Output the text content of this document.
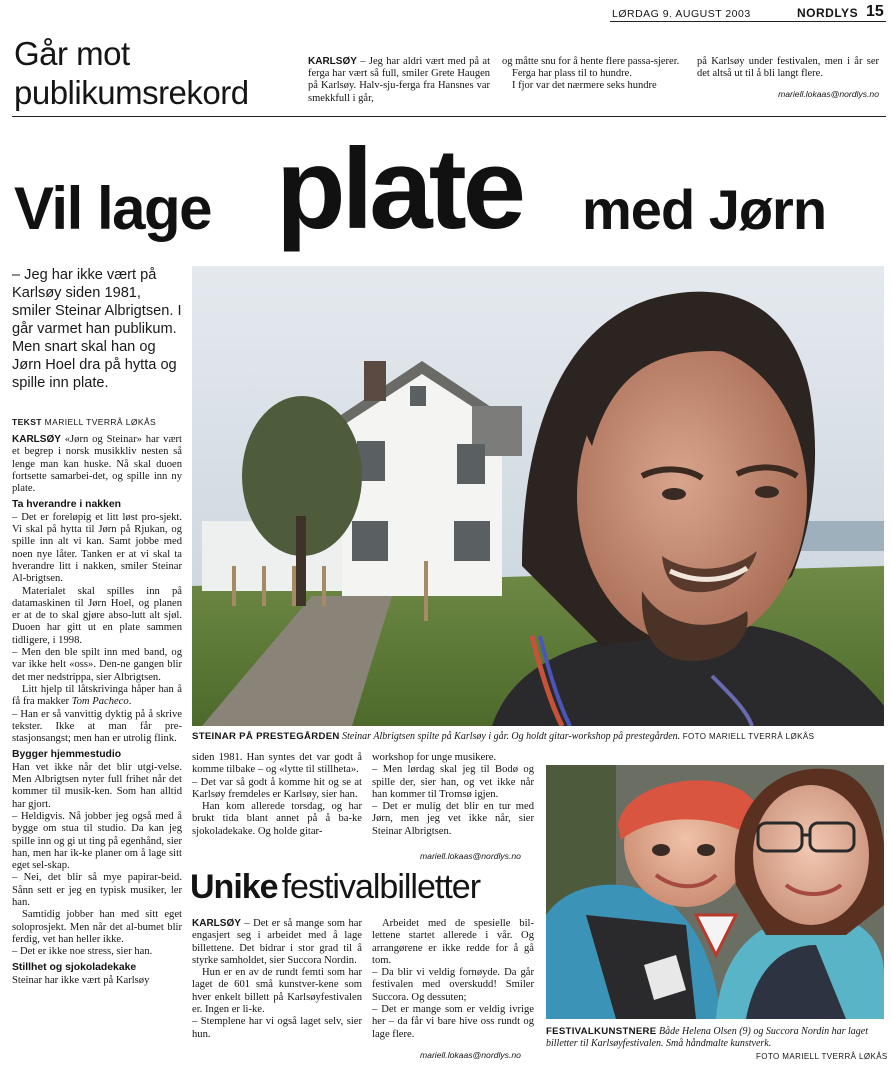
LØRDAG 9. AUGUST 2003	NORDLYS 15
Går mot
publikumsrekord
KARLSØY – Jeg har aldri vært med på at ferga har vært så full, smiler Grete Haugen på Karlsøy. Halv-sju-ferga fra Hansnes var smekkfull i går,
og måtte snu for å hente flere passa-sjerer.
Ferga har plass til to hundre.
I fjor var det nærmere seks hundre
på Karlsøy under festivalen, men i år ser det altså ut til å bli langt flere.
mariell.lokaas@nordlys.no
Vil lage plate med Jørn
– Jeg har ikke vært på Karlsøy siden 1981, smiler Steinar Albrigtsen. I går varmet han publikum. Men snart skal han og Jørn Hoel dra på hytta og spille inn plate.
TEKST MARIELL TVERRÅ LØKÅS

KARLSØY «Jørn og Steinar» har vært et begrep i norsk musikkliv nesten så lenge man kan huske. Nå skal duoen fortsette samarbei-det, og spille inn ny plate.

Ta hverandre i nakken

– Det er foreløpig et litt løst pro-sjekt. Vi skal på hytta til Jørn på Rjukan, og spille inn alt vi kan. Samt jobbe med noen nye låter. Tanken er at vi skal ta hverandre litt i nakken, smiler Steinar Al-brigtsen.

Materialet skal spilles inn på datamaskinen til Jørn Hoel, og planen er at de to skal gjøre abso-lutt alt sjøl. Duoen har gitt ut en plate sammen tidligere, i 1998.

– Men den ble spilt inn med band, og var ikke helt «oss». Den-ne gangen blir det mer nedstrippa, sier Albrigtsen.

Litt hjelp til låtskrivinga håper han å få fra makker Tom Pacheco.

– Han er så vanvittig dyktig på å skrive tekster. Ikke at man får pre-stasjonsangst; men han er utrolig flink.

Bygger hjemmestudio

Han vet ikke når det blir utgi-velse. Men Albrigtsen nyter full frihet når det kommer til musik-ken. Som han alltid har gjort.

– Heldigvis. Nå jobber jeg også med å bygge om stua til studio. Da kan jeg spille inn og gi ut ting på egenhånd, sier han, men har ik-ke planer om å lage sitt eget sel-skap.

– Nei, det blir så mye papirar-beid. Sånn sett er jeg en typisk musiker, ler han.

Samtidig jobber han med sitt eget soloprosjekt. Men når det al-bumet blir ferdig, vet han heller ikke.

– Det er ikke noe stress, sier han.

Stillhet og sjokoladekake

Steinar har ikke vært på Karlsøy

STEINAR PÅ PRESTEGÅRDEN Steinar Albrigtsen spilte på Karlsøy i går. Og holdt gitar-workshop på prestegården. FOTO MARIELL TVERRÅ LØKÅS

siden 1981. Han syntes det var godt å komme tilbake – og «lytte til stillheta».

– Det var så godt å komme hit og se at Karlsøy fremdeles er Karlsøy, sier han.

Han kom allerede torsdag, og har brukt tida blant annet på å ba-ke sjokoladekake. Og holde gitar-

workshop for unge musikere.

– Men lørdag skal jeg til Bodø og spille der, sier han, og vet ikke når han kommer til Tromsø igjen.

– Det er mulig det blir en tur med Jørn, men jeg vet ikke når, sier Steinar Albrigtsen.

mariell.lokaas@nordlys.no
Unike festivalbilletter

KARLSØY – Det er så mange som har engasjert seg i arbeidet med å lage billettene. Det bidrar i stor grad til å styrke samholdet, sier Succora Nordin.

Hun er en av de rundt femti som har laget de 601 små kunstver-kene som hver enkelt billett på Karlsøyfestivalen er. Ingen er li-ke.

– Stemplene har vi også laget selv, sier hun.

Arbeidet med de spesielle bil-lettene startet allerede i vår. Og arrangørene er ikke redde for å gå tom.

– Da blir vi veldig fornøyde. Da går festivalen med overskudd! Smiler Succora. Og dessuten;

– Det er mange som er veldig ivrige her – da får vi bare hive oss rundt og lage flere.

mariell.lokaas@nordlys.no
FESTIVALKUNSTNERE Både Helena Olsen (9) og Succora Nordin har laget billetter til Karlsøyfestivalen. Små håndmalte kunstverk.
FOTO MARIELL TVERRÅ LØKÅS
